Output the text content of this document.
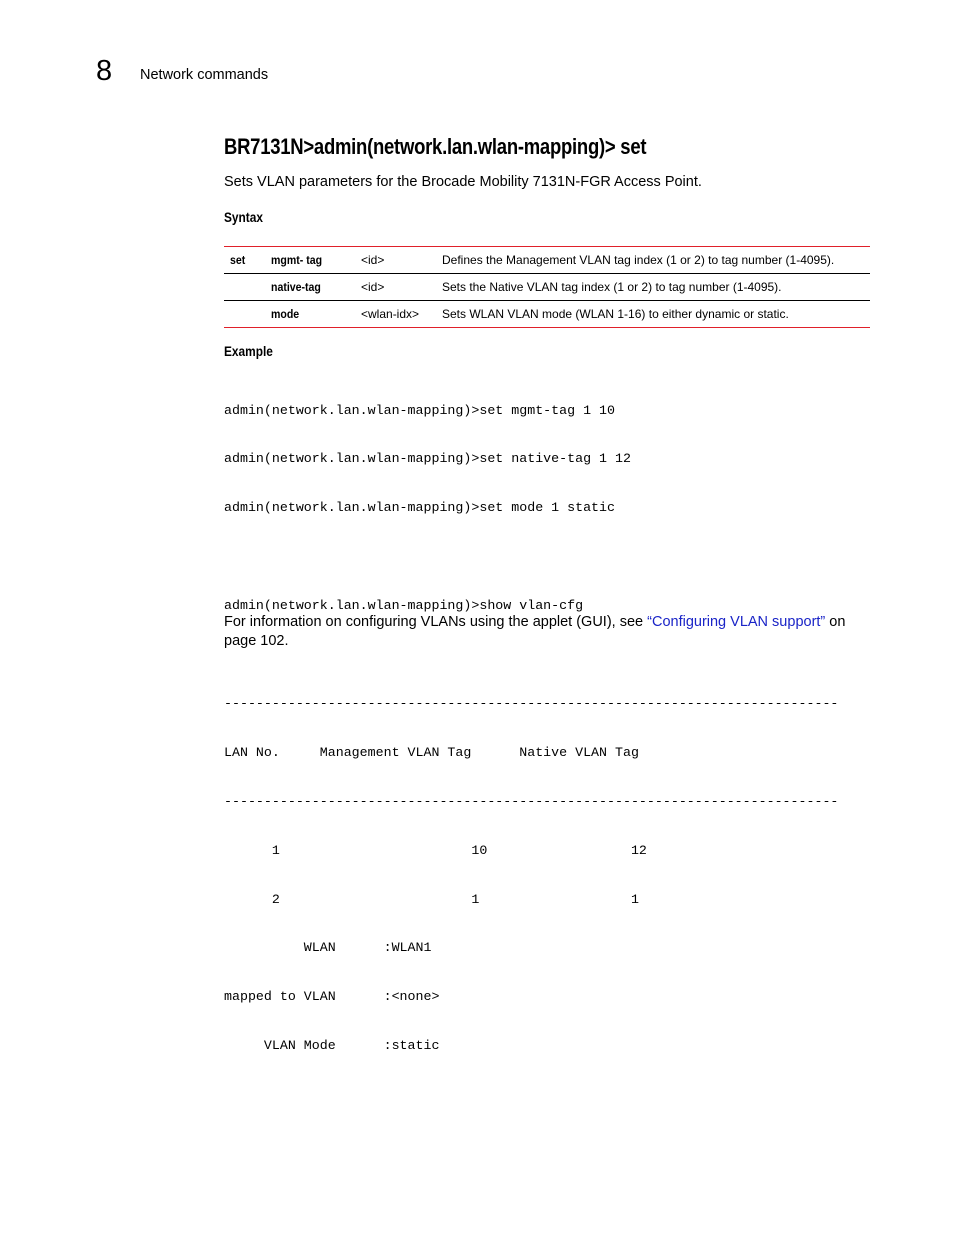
8 Network commands
BR7131N>admin(network.lan.wlan-mapping)> set
Sets VLAN parameters for the Brocade Mobility 7131N-FGR Access Point.
Syntax
set	mgmt- tag	<id>	Defines the Management VLAN tag index (1 or 2) to tag number (1-4095).
	native-tag	<id>	Sets the Native VLAN tag index (1 or 2) to tag number (1-4095).
	mode	<wlan-idx>	Sets WLAN VLAN mode (WLAN 1-16) to either dynamic or static.
Example

admin(network.lan.wlan-mapping)>set mgmt-tag 1 10

admin(network.lan.wlan-mapping)>set native-tag 1 12

admin(network.lan.wlan-mapping)>set mode 1 static

admin(network.lan.wlan-mapping)>show vlan-cfg

-----------------------------------------------------------------------------

LAN No.     Management VLAN Tag      Native VLAN Tag

-----------------------------------------------------------------------------

1                        10                  12

2                        1                   1

WLAN      :WLAN1

mapped to VLAN      :<none>

VLAN Mode      :static

For information on configuring VLANs using the applet (GUI), see “Configuring VLAN support” on page 102.
